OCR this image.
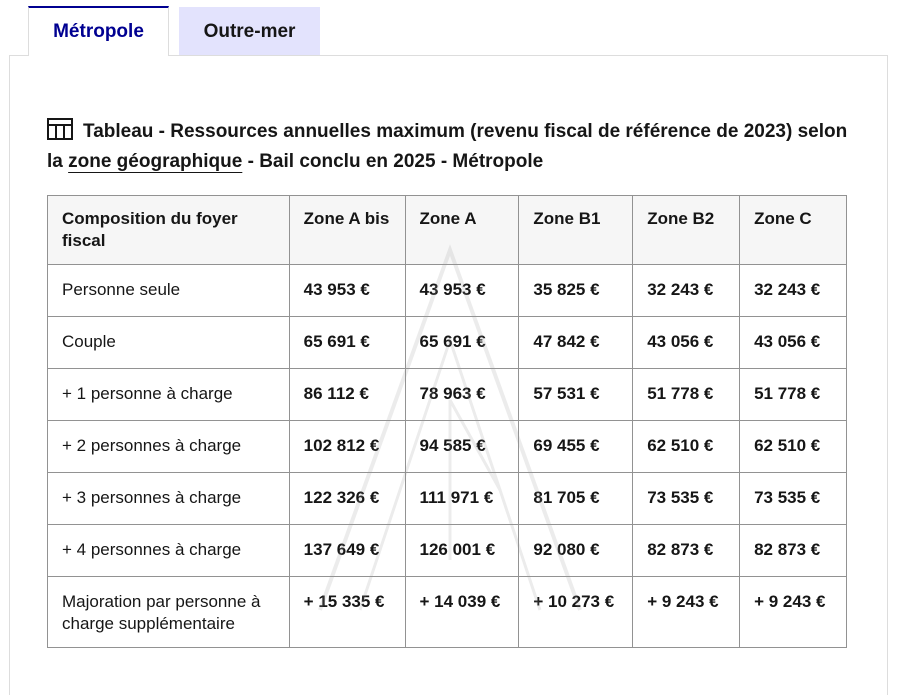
Métropole	Outre-mer
Tableau - Ressources annuelles maximum (revenu fiscal de référence de 2023) selon la zone géographique - Bail conclu en 2025 - Métropole
Composition du foyer fiscal	Zone A bis	Zone A	Zone B1	Zone B2	Zone C
Personne seule	43 953 €	43 953 €	35 825 €	32 243 €	32 243 €
Couple	65 691 €	65 691 €	47 842 €	43 056 €	43 056 €
+ 1 personne à charge	86 112 €	78 963 €	57 531 €	51 778 €	51 778 €
+ 2 personnes à charge	102 812 €	94 585 €	69 455 €	62 510 €	62 510 €
+ 3 personnes à charge	122 326 €	111 971 €	81 705 €	73 535 €	73 535 €
+ 4 personnes à charge	137 649 €	126 001 €	92 080 €	82 873 €	82 873 €
Majoration par personne à charge supplémentaire	+ 15 335 €	+ 14 039 €	+ 10 273 €	+ 9 243 €	+ 9 243 €
